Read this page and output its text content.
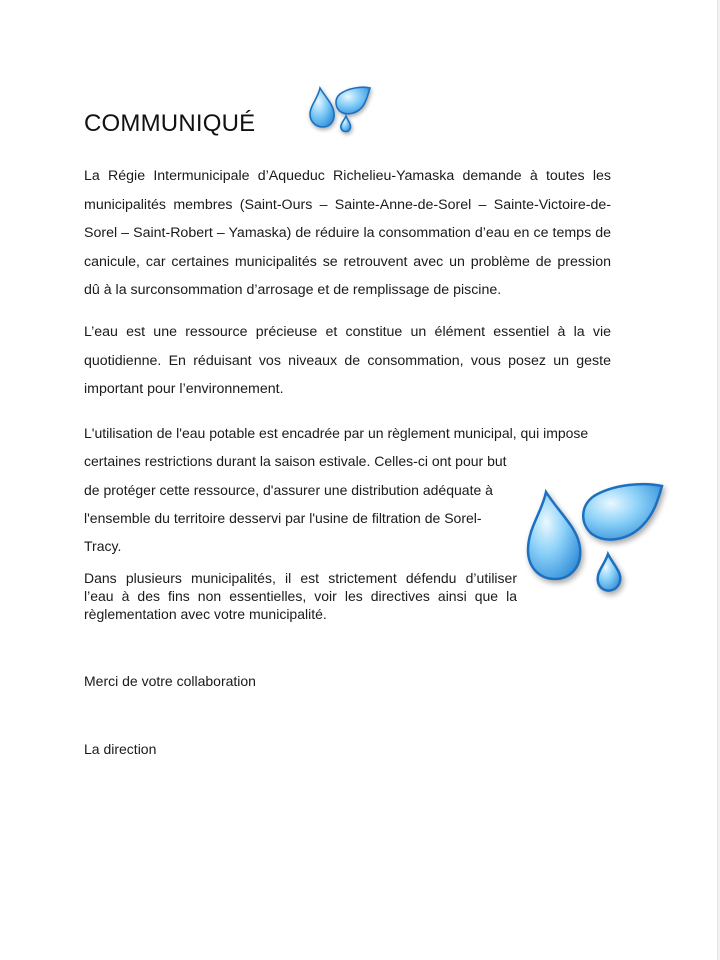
COMMUNIQUÉ
La Régie Intermunicipale d’Aqueduc Richelieu-Yamaska demande à toutes les municipalités membres (Saint-Ours – Sainte-Anne-de-Sorel – Sainte-Victoire-de-Sorel – Saint-Robert – Yamaska) de réduire la consommation d’eau en ce temps de canicule, car certaines municipalités se retrouvent avec un problème de pression dû à la surconsommation d’arrosage et de remplissage de piscine.
L’eau est une ressource précieuse et constitue un élément essentiel à la vie quotidienne. En réduisant vos niveaux de consommation, vous posez un geste important pour l’environnement.
L'utilisation de l'eau potable est encadrée par un règlement municipal, qui impose
certaines restrictions durant la saison estivale. Celles-ci ont pour but
de protéger cette ressource, d'assurer une distribution adéquate à
l'ensemble du territoire desservi par l'usine de filtration de Sorel-
Tracy.
Dans plusieurs municipalités, il est strictement défendu d’utiliser
l’eau à des fins non essentielles, voir les directives ainsi que la
règlementation avec votre municipalité.
Merci de votre collaboration
La direction
